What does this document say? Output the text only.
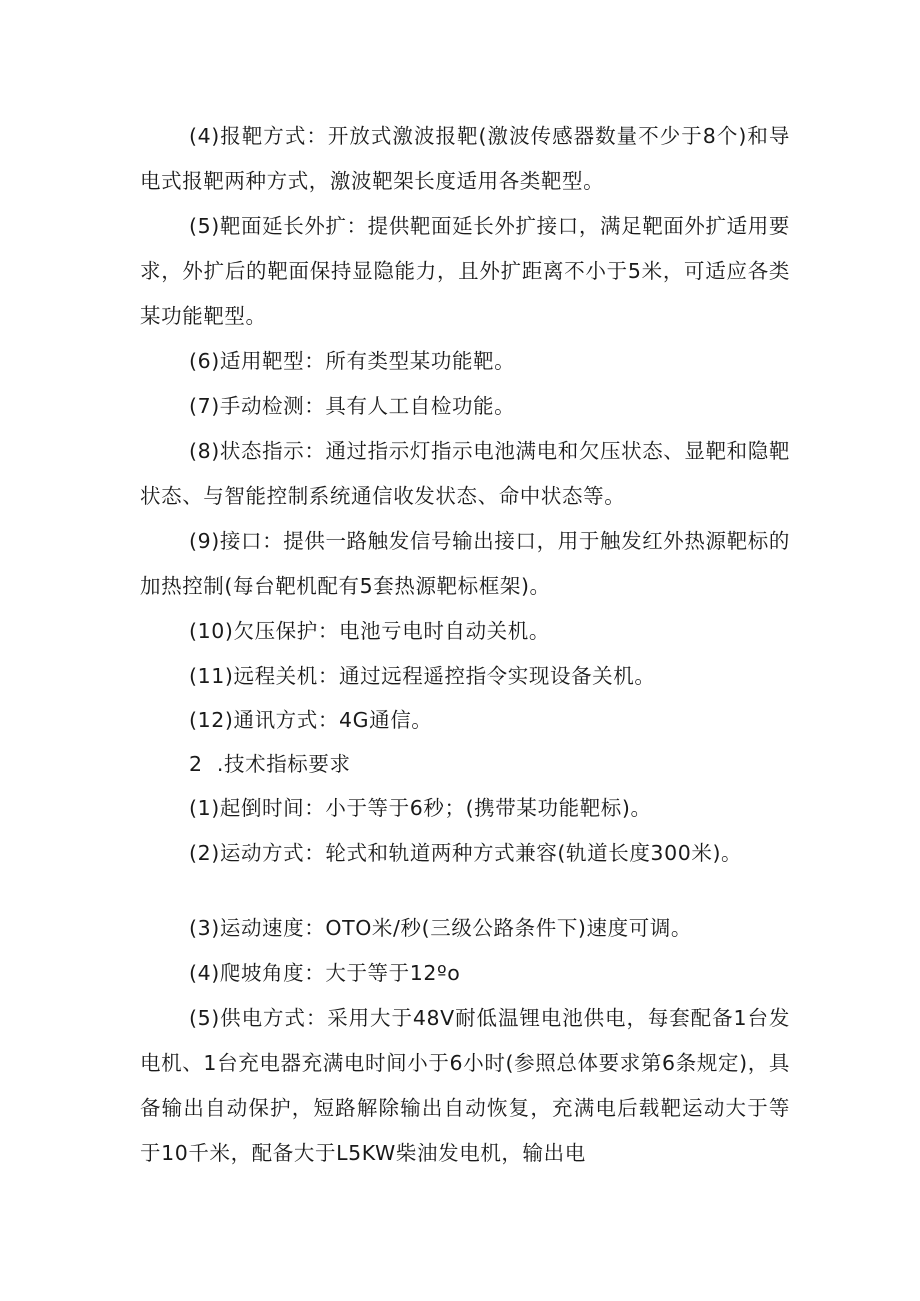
(4)报靶方式：开放式激波报靶(激波传感器数量不少于8个)和导电式报靶两种方式，激波靶架长度适用各类靶型。

(5)靶面延长外扩：提供靶面延长外扩接口，满足靶面外扩适用要求，外扩后的靶面保持显隐能力，且外扩距离不小于5米，可适应各类某功能靶型。

(6)适用靶型：所有类型某功能靶。

(7)手动检测：具有人工自检功能。

(8)状态指示：通过指示灯指示电池满电和欠压状态、显靶和隐靶状态、与智能控制系统通信收发状态、命中状态等。

(9)接口：提供一路触发信号输出接口，用于触发红外热源靶标的加热控制(每台靶机配有5套热源靶标框架)。

(10)欠压保护：电池亏电时自动关机。

(11)远程关机：通过远程遥控指令实现设备关机。

(12)通讯方式：4G通信。

2  .技术指标要求

(1)起倒时间：小于等于6秒；(携带某功能靶标)。

(2)运动方式：轮式和轨道两种方式兼容(轨道长度300米)。

(3)运动速度：OTO米/秒(三级公路条件下)速度可调。

(4)爬坡角度：大于等于12ºo

(5)供电方式：采用大于48V耐低温锂电池供电，每套配备1台发电机、1台充电器充满电时间小于6小时(参照总体要求第6条规定)，具备输出自动保护，短路解除输出自动恢复，充满电后载靶运动大于等于10千米，配备大于L5KW柴油发电机，输出电
